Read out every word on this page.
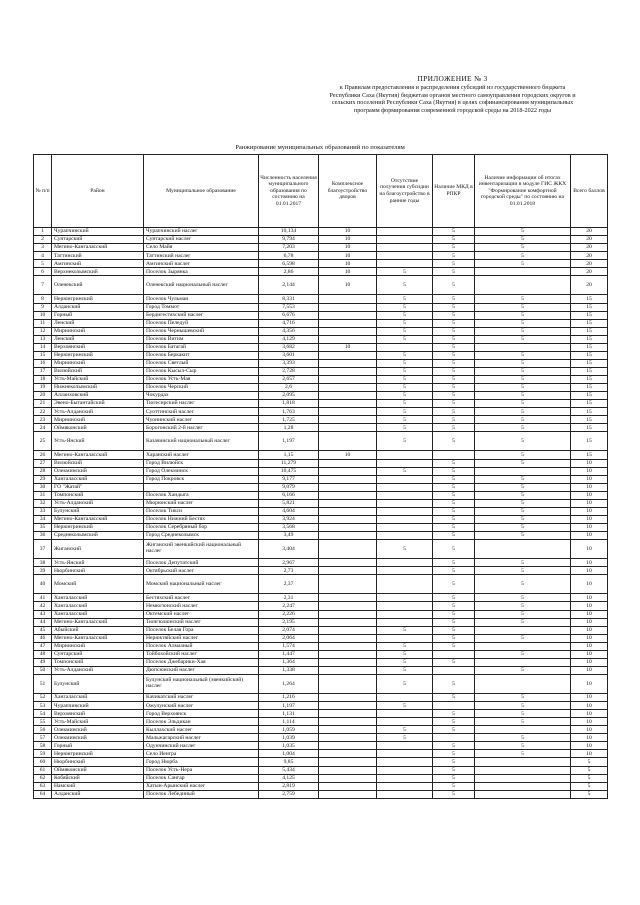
ПРИЛОЖЕНИЕ № 3
к Правилам предоставления и распределения субсидий из государственного бюджета
Республики Саха (Якутия) бюджетам органов местного самоуправления городских округов и
сельских поселений Республики Саха (Якутия) в целях софинансирования муниципальных
программ формирования современной городской среды на 2018-2022 годы
Ранжирование муниципальных образований по показателям
№ п/п	Район	Муниципальное образование	Численность населения муниципального образования по состоянию на 01.01.2017	Комплексное благоустройство дворов	Отсутствие получения субсидии на благоустройство в ранние годы	Наличие МКД в РПКР	Наличие информации об итогах инвентаризации в модуле ГИС ЖКХ "Формирование комфортной городской среды" по состоянию на 01.01.2018	Всего баллов
1	Чурапчинский	Чурапчинский наслег	10,134	10		5	5	20
2	Сунтарский	Сунтарский наслег	9,794	10		5	5	20
3	Мегино-Кангаласский	Село Майя	7,203	10		5	5	20
4	Таттинский	Таттинский наслег	6,78	10		5	5	20
5	Амгинский	Амгинский наслег	6,598	10		5	5	20
6	Верхнеколымский	Поселок Зырянка	2,86	10	5	5		20
7	Оленекский	Оленекский национальный наслег	2,144	10	5	5		20
8	Нерюнгринский	Поселок Чульман	8,331		5	5	5	15
9	Алданский	Город Томмот	7,553		5	5	5	15
10	Горный	Бердигестяхский наслег	6,676		5	5	5	15
11	Ленский	Поселок Пеледуй	4,716		5	5	5	15
12	Мирнинский	Поселок Чернышевский	4,356		5	5	5	15
13	Ленский	Поселок Витим	4,129		5	5	5	15
14	Верхоянский	Поселок Батагай	3,682	10		5		15
15	Нерюнгринский	Поселок Беркакит	3,601		5	5	5	15
16	Мирнинский	Поселок Светлый	3,393		5	5	5	15
17	Вилюйский	Поселок Кысыл-Сыр	2,728		5	5	5	15
18	Усть-Майский	Поселок Усть-Мая	2,657		5	5	5	15
19	Нижнеколымский	Поселок Черский	2,6		5	5	5	15
20	Аллаиховский	Чокурдах	2,095		5	5	5	15
21	Эвено-Бытантайский	Тюгесирский наслег	1,818		5	5	5	15
22	Усть-Алданский	Суоттинский наслег	1,763		5	5	5	15
23	Мирнинский	Чуонинский наслег	1,725		5	5	5	15
24	Оймяконский	Борогонский 2-й наслег	1,28		5	5	5	15
25	Усть-Янский	Казачинский национальный наслег	1,197		5	5	5	15
26	Мегино-Кангаласский	Хаpанский наслег	1,15	10			5	15
27	Вилюйский	Город Вилюйск	11,279			5	5	10
28	Олекминский	Город Олекминск	10,475		5	5		10
29	Хангаласский	Город Покровск	9,177			5	5	10
30	ГО "Жатай"		9,079			5	5	10
31	Томпонский	Поселок Хандыга	6,166			5	5	10
32	Усть-Алданский	Мюрюнский наслег	5,821			5	5	10
33	Булунский	Поселок Тикси	4,604			5	5	10
34	Мегино-Кангаласский	Поселок Нижний Бестях	3,924			5	5	10
35	Нерюнгринский	Поселок Серебряный бор	3,568			5	5	10
36	Среднеколымский	Город Среднеколымск	3,49			5	5	10
37	Жиганский	Жиганский эвенкийский национальный наслег	3,404		5	5		10
38	Усть-Янский	Поселок Депутатский	2,967			5	5	10
39	Нюрбинский	Октябрьский наслег	2,73			5	5	10
40	Момский	Момский национальный наслег	2,37			5	5	10
41	Хангаласский	Бестяхский наслег	2,31			5	5	10
42	Хангаласский	Немюгюнский наслег	2,247			5	5	10
43	Хангаласский	Октемский наслег	2,226			5	5	10
44	Мегино-Кангаласский	Тюнгюлюнский наслег	2,195			5	5	10
45	Абыйский	Поселок Белая Гора	2,074		5	5		10
46	Мегино-Кангаласский	Нерюктяйский наслег	2,064			5	5	10
47	Мирнинский	Поселок Алмазный	1,574		5	5		10
48	Сунтарский	Тойбохойский наслег	1,447		5		5	10
49	Томпонский	Поселок Джебарики-Хая	1,364		5	5		10
50	Усть-Алданский	Дюпсюнский наслег	1,338		5		5	10
51	Булунский	Булунский национальный (эвенкийский) наслег	1,264		5	5		10
52	Хангаласский	Качикатский наслег	1,216			5	5	10
53	Чурапчинский	Ожулунский наслег	1,197		5		5	10
54	Верхоянский	Город Верхоянск	1,131			5	5	10
55	Усть-Майский	Поселок Эльдикан	1,114			5	5	10
56	Олекминский	Кыллахский наслег	1,059		5	5		10
57	Олекминский	Мальжагарский наслег	1,039		5		5	10
58	Горный	Одунчинский наслег	1,035			5	5	10
59	Нерюнгринский	Село Иенгра	1,004			5	5	10
60	Нюрбинский	Город Нюрба	9,85			5		5
61	Оймяконский	Поселок Усть-Нера	5,434			5		5
62	Кобяйский	Поселок Сангар	4,125			5		5
63	Намский	Хатын-Арынский наслег	2,819			5		5
64	Алданский	Поселок Лебединый	2,759			5		5
